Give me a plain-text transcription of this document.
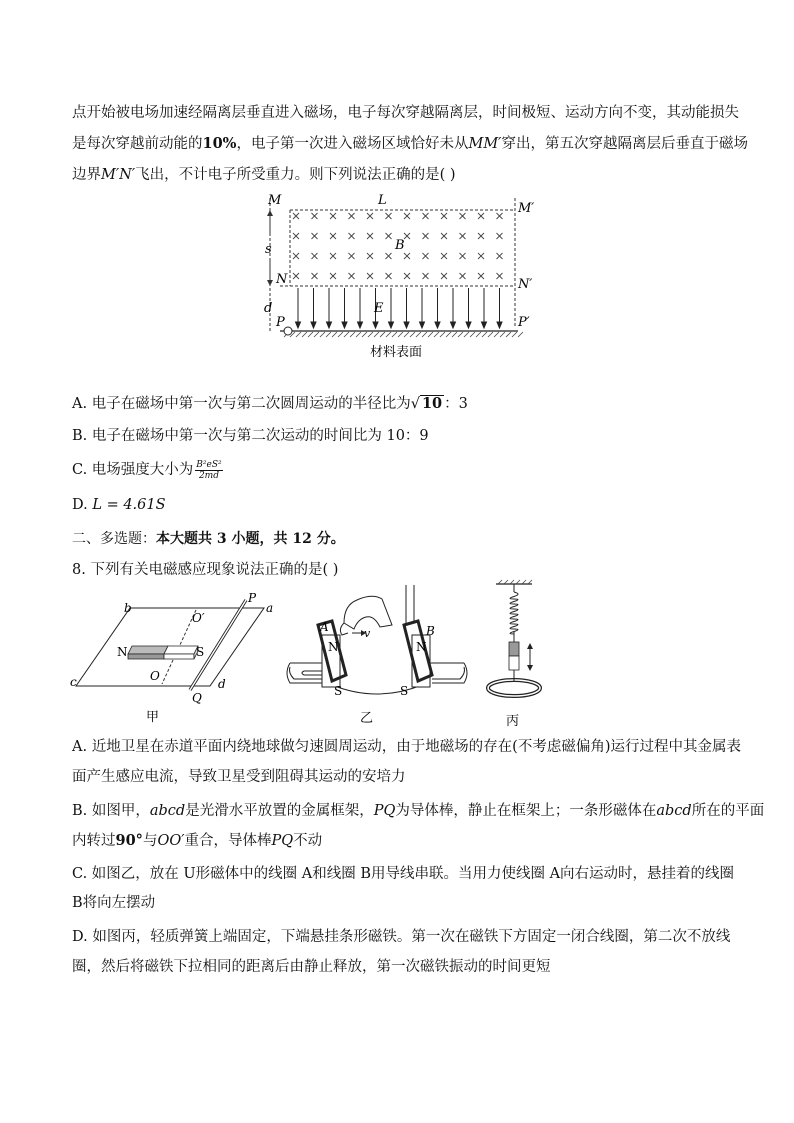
点开始被电场加速经隔离层垂直进入磁场，电子每次穿越隔离层，时间极短、运动方向不变，其动能损失
是每次穿越前动能的10%，电子第一次进入磁场区域恰好未从MM′穿出，第五次穿越隔离层后垂直于磁场
边界M′N′飞出，不计电子所受重力。则下列说法正确的是( )
M	L
M′
B
s
N	N′
d	E
P	P′
材料表面
A. 电子在磁场中第一次与第二次圆周运动的半径比为√ 10 ：3
B. 电子在磁场中第一次与第二次运动的时间比为 10：9
C. 电场强度大小为 $\frac{\text{B²eS²}}{2md}$
D. L = 4.61S
二、多选题：本大题共 3 小题，共 12 分。
8. 下列有关电磁感应现象说法正确的是( )
b
P
a
O′
N	S
O
c	d
Q
甲
A	v	B
N	N
S	S
乙	丙
A. 近地卫星在赤道平面内绕地球做匀速圆周运动，由于地磁场的存在(不考虑磁偏角)运行过程中其金属表
面产生感应电流，导致卫星受到阻碍其运动的安培力
B. 如图甲，abcd是光滑水平放置的金属框架，PQ为导体棒，静止在框架上；一条形磁体在abcd所在的平面
内转过90°与OO′重合，导体棒PQ不动
C. 如图乙，放在 U形磁体中的线圈 A和线圈 B用导线串联。当用力使线圈 A向右运动时，悬挂着的线圈
B将向左摆动
D. 如图丙，轻质弹簧上端固定，下端悬挂条形磁铁。第一次在磁铁下方固定一闭合线圈，第二次不放线
圈，然后将磁铁下拉相同的距离后由静止释放，第一次磁铁振动的时间更短
